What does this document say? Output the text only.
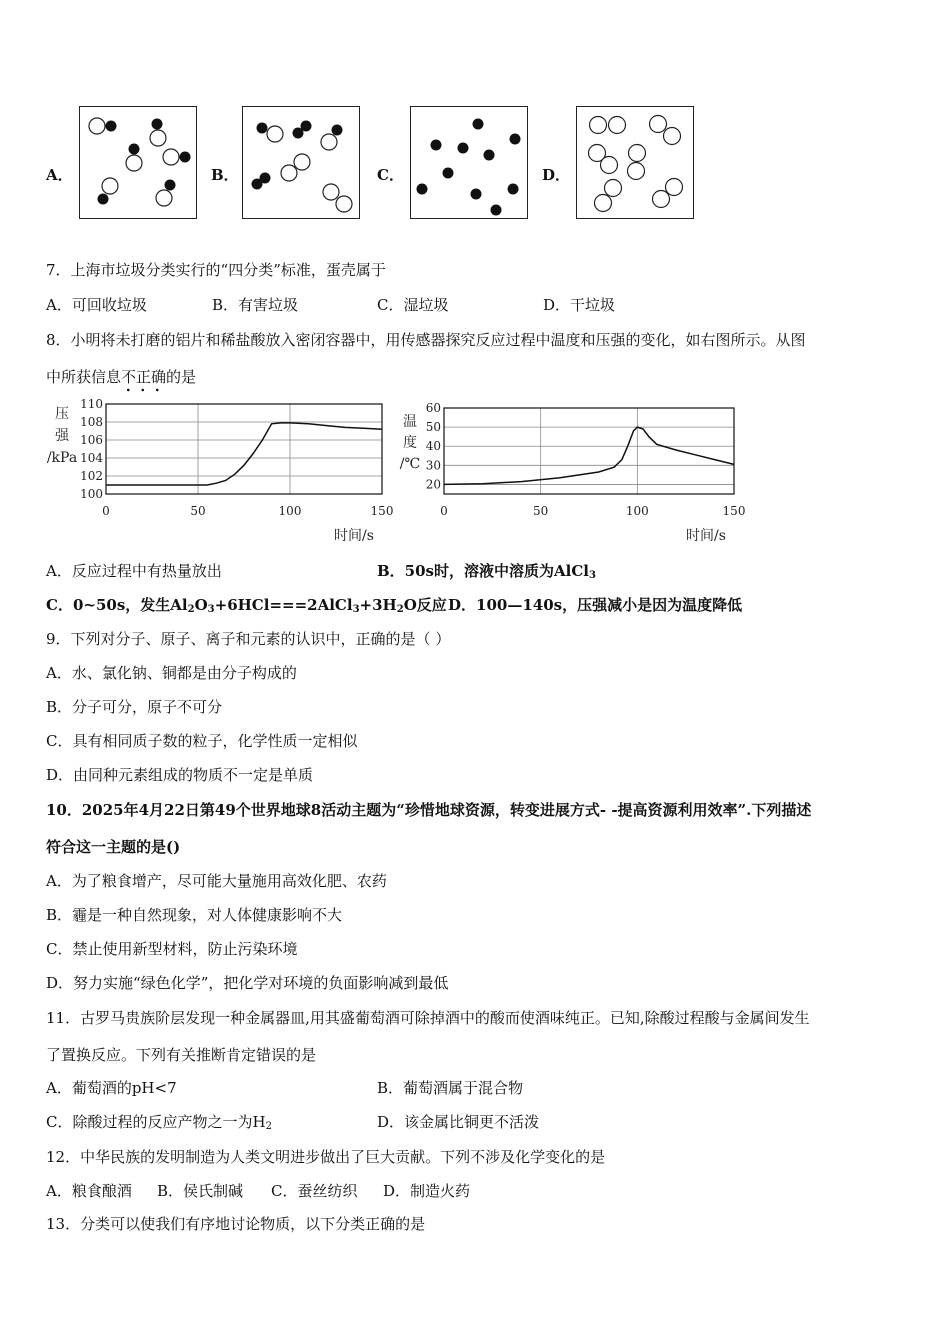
A．	B．	C．	D．
7．上海市垃圾分类实行的“四分类”标准，蛋壳属于
A．可回收垃圾	B．有害垃圾	C．湿垃圾	D．干垃圾
8．小明将未打磨的铝片和稀盐酸放入密闭容器中，用传感器探究反应过程中温度和压强的变化，如右图所示。从图
中所获信息不正确的是
110
108
106
104
102
100
0	50	100	150
压
强
/kPa
时间/s
60
50
40
30
20
0	50	100	150
温
度
/℃
时间/s
A．反应过程中有热量放出	B．50s时，溶液中溶质为AlCl$_3$
C．0~50s，发生$Al_2O_3+6HCl===2AlCl_3+3H_2O$反应 D．100—140s，压强减小是因为温度降低
9．下列对分子、原子、离子和元素的认识中，正确的是（ ）
A．水、氯化钠、铜都是由分子构成的
B．分子可分，原子不可分
C．具有相同质子数的粒子，化学性质一定相似
D．由同种元素组成的物质不一定是单质
10．2025年4月22日第49个世界地球8活动主题为“珍惜地球资源，转变进展方式- -提高资源利用效率”.下列描述
符合这一主题的是()
A．为了粮食增产，尽可能大量施用高效化肥、农药
B．霾是一种自然现象，对人体健康影响不大
C．禁止使用新型材料，防止污染环境
D．努力实施“绿色化学”，把化学对环境的负面影响减到最低
11．古罗马贵族阶层发现一种金属器皿,用其盛葡萄酒可除掉酒中的酸而使酒味纯正。已知,除酸过程酸与金属间发生
了置换反应。下列有关推断肯定错误的是
A．葡萄酒的pH<7	B．葡萄酒属于混合物
C．除酸过程的反应产物之一为$H_2$	D．该金属比铜更不活泼
12．中华民族的发明制造为人类文明进步做出了巨大贡献。下列不涉及化学变化的是
A．粮食酿酒 B．侯氏制碱 C．蚕丝纺织 D．制造火药
13．分类可以使我们有序地讨论物质，以下分类正确的是
